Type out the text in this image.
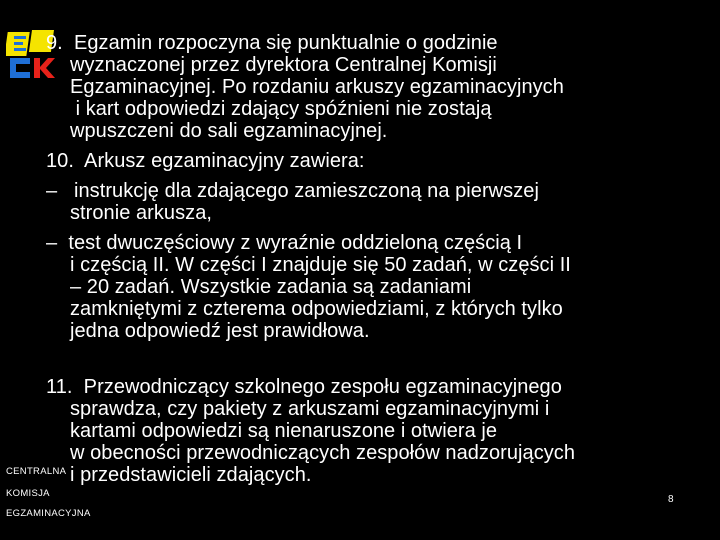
9.  Egzamin rozpoczyna się punktualnie o godzinie
wyznaczonej przez dyrektora Centralnej Komisji
Egzaminacyjnej. Po rozdaniu arkuszy egzaminacyjnych
i kart odpowiedzi zdający spóźnieni nie zostają
wpuszczeni do sali egzaminacyjnej.
10.  Arkusz egzaminacyjny zawiera:
–   instrukcję dla zdającego zamieszczoną na pierwszej
stronie arkusza,
–  test dwuczęściowy z wyraźnie oddzieloną częścią I
i częścią II. W części I znajduje się 50 zadań, w części II
– 20 zadań. Wszystkie zadania są zadaniami
zamkniętymi z czterema odpowiedziami, z których tylko
jedna odpowiedź jest prawidłowa.
11.  Przewodniczący szkolnego zespołu egzaminacyjnego
sprawdza, czy pakiety z arkuszami egzaminacyjnymi i
kartami odpowiedzi są nienaruszone i otwiera je
w obecności przewodniczących zespołów nadzorujących
i przedstawicieli zdających.
CENTRALNA
KOMISJA
EGZAMINACYJNA
8
